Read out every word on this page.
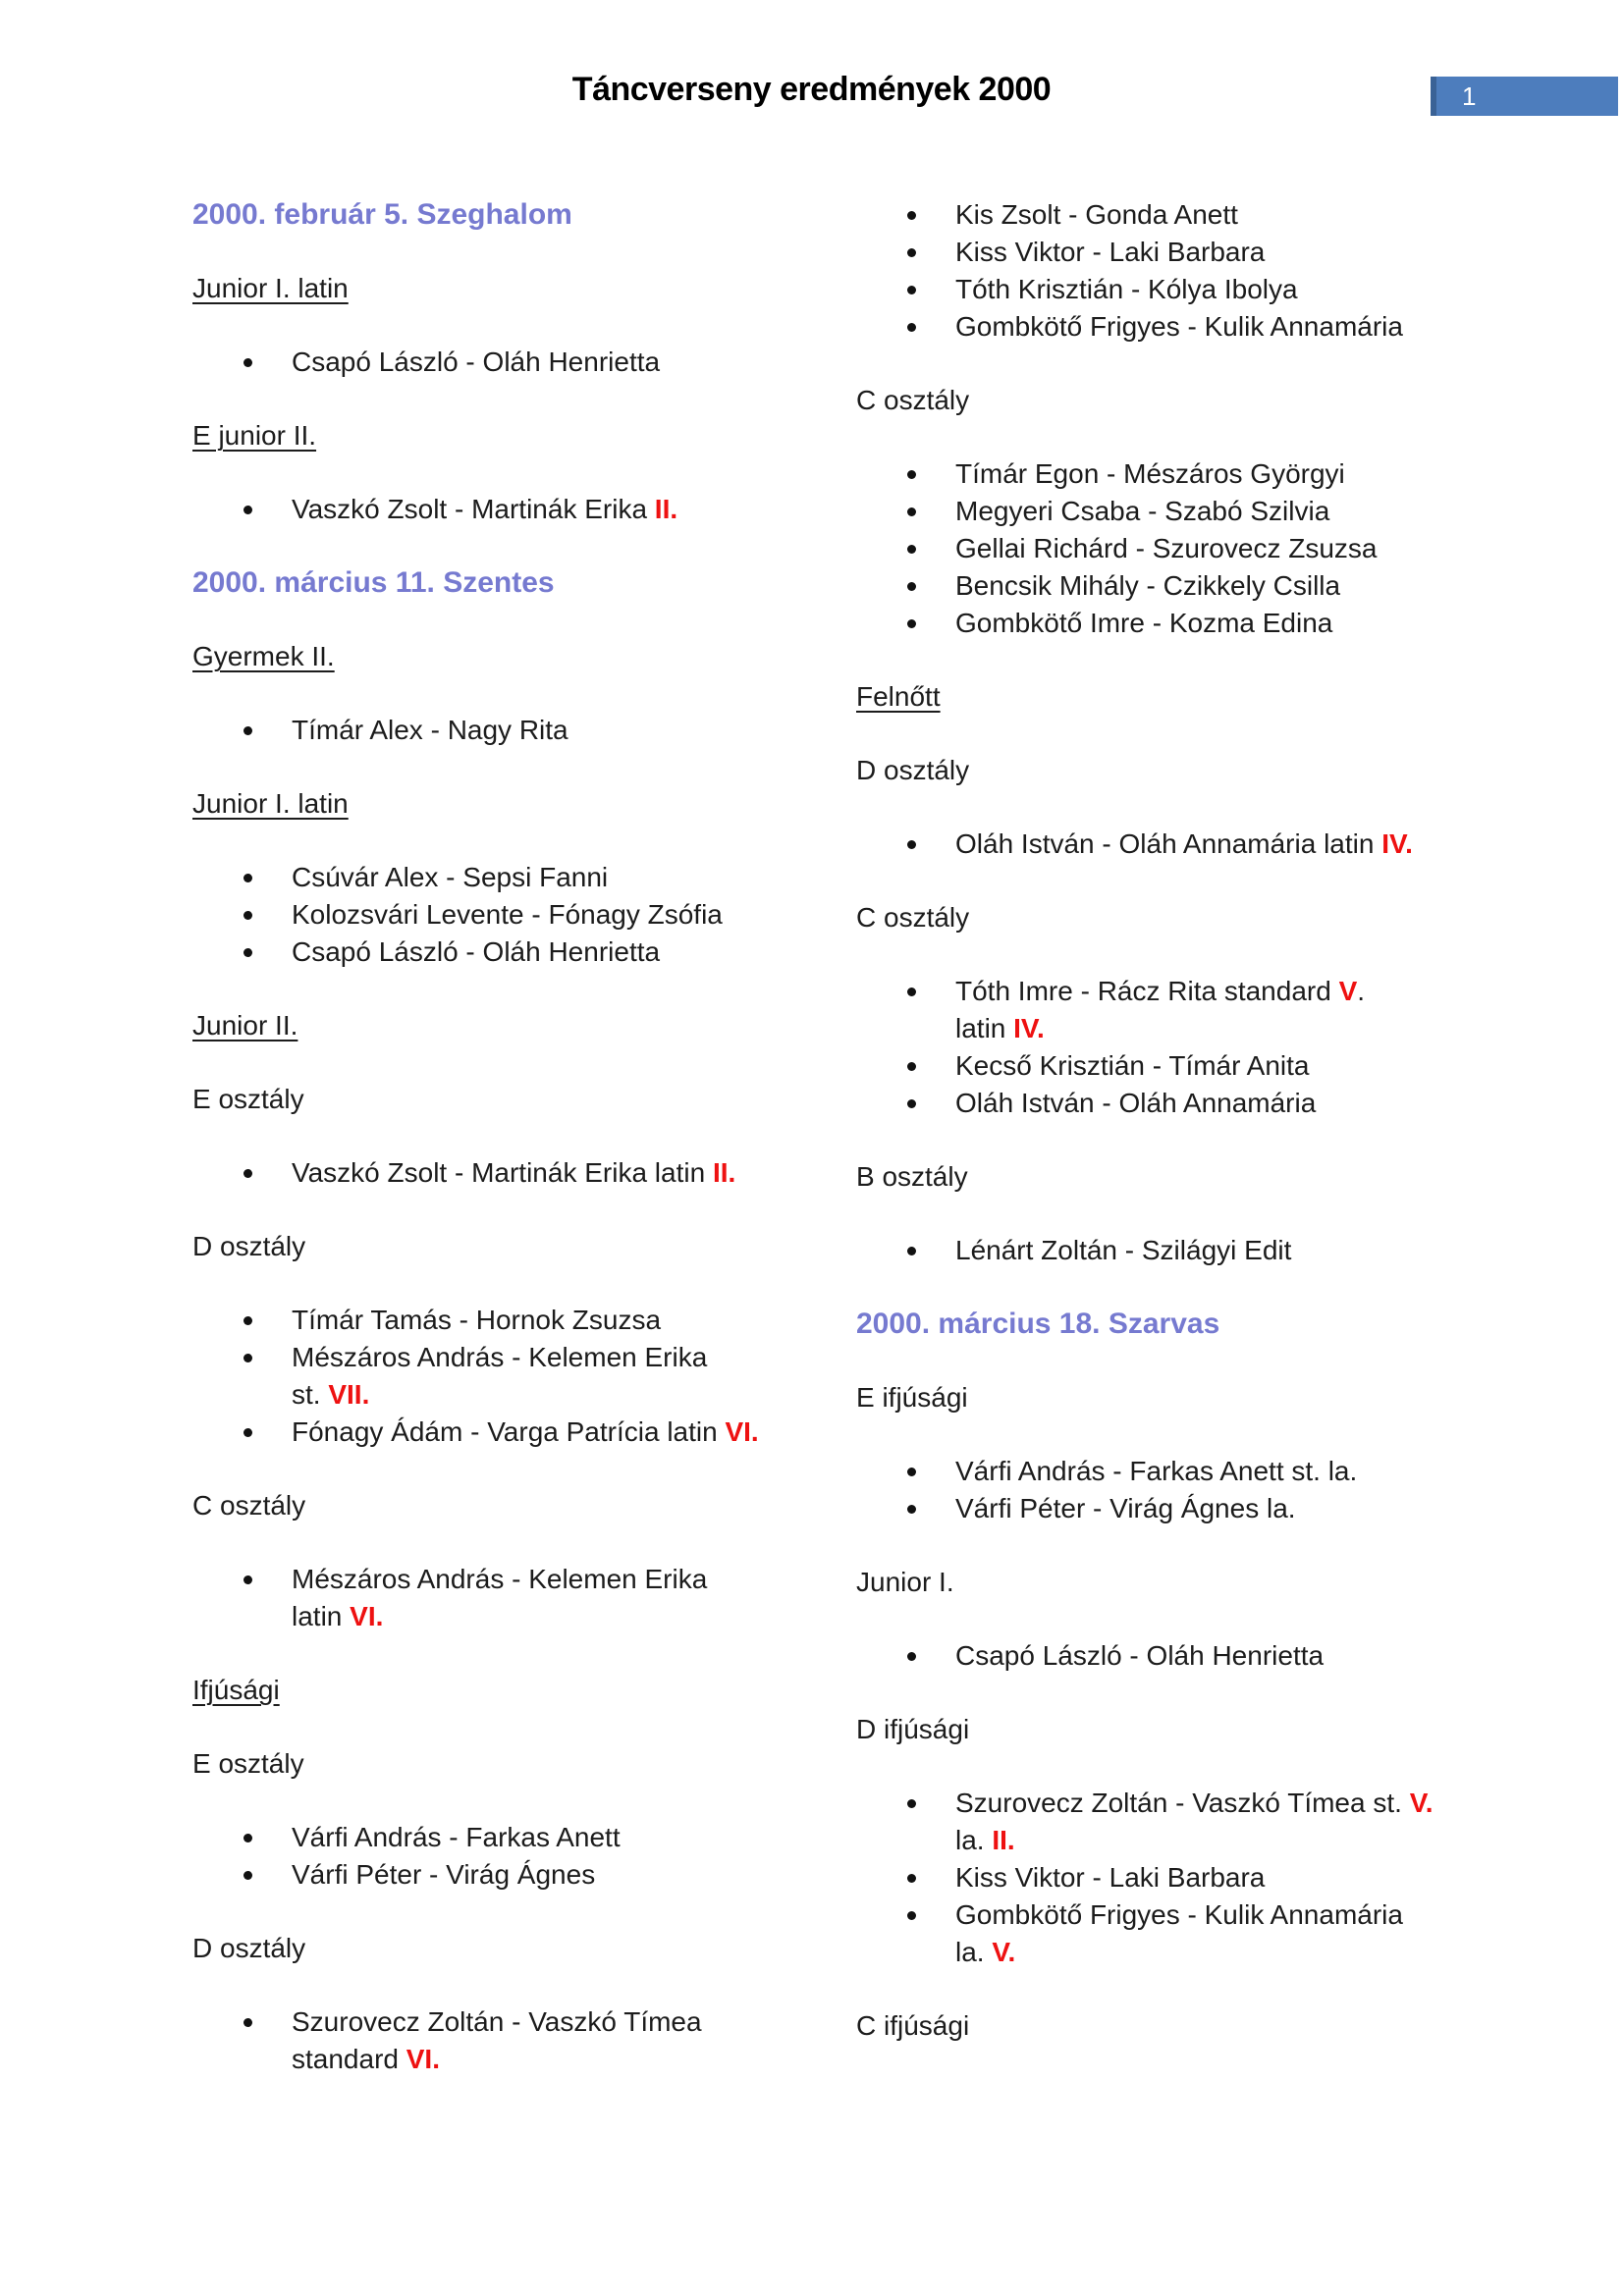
Táncverseny eredmények 2000	1
2000. február 5. Szeghalom
Junior I. latin
Csapó László - Oláh Henrietta
E junior II.
Vaszkó Zsolt - Martinák Erika II.
2000. március 11. Szentes
Gyermek II.
Tímár Alex - Nagy Rita
Junior I. latin
Csúvár Alex - Sepsi Fanni
Kolozsvári Levente - Fónagy Zsófia
Csapó László - Oláh Henrietta
Junior II.
E osztály
Vaszkó Zsolt - Martinák Erika latin II.
D osztály
Tímár Tamás - Hornok Zsuzsa
Mészáros András - Kelemen Erika
st. VII.
Fónagy Ádám - Varga Patrícia latin VI.
C osztály
Mészáros András - Kelemen Erika
latin VI.
Ifjúsági
E osztály
Várfi András - Farkas Anett
Várfi Péter - Virág Ágnes
D osztály
Szurovecz Zoltán - Vaszkó Tímea
standard VI.
Kis Zsolt - Gonda Anett
Kiss Viktor - Laki Barbara
Tóth Krisztián - Kólya Ibolya
Gombkötő Frigyes - Kulik Annamária
C osztály
Tímár Egon - Mészáros Györgyi
Megyeri Csaba - Szabó Szilvia
Gellai Richárd - Szurovecz Zsuzsa
Bencsik Mihály - Czikkely Csilla
Gombkötő Imre - Kozma Edina
Felnőtt
D osztály
Oláh István - Oláh Annamária latin IV.
C osztály
Tóth Imre - Rácz Rita standard V.
latin IV.
Kecső Krisztián - Tímár Anita
Oláh István - Oláh Annamária
B osztály
Lénárt Zoltán - Szilágyi Edit
2000. március 18. Szarvas
E ifjúsági
Várfi András - Farkas Anett st. la.
Várfi Péter - Virág Ágnes la.
Junior I.
Csapó László - Oláh Henrietta
D ifjúsági
Szurovecz Zoltán - Vaszkó Tímea st. V.
la. II.
Kiss Viktor - Laki Barbara
Gombkötő Frigyes - Kulik Annamária
la. V.
C ifjúsági
